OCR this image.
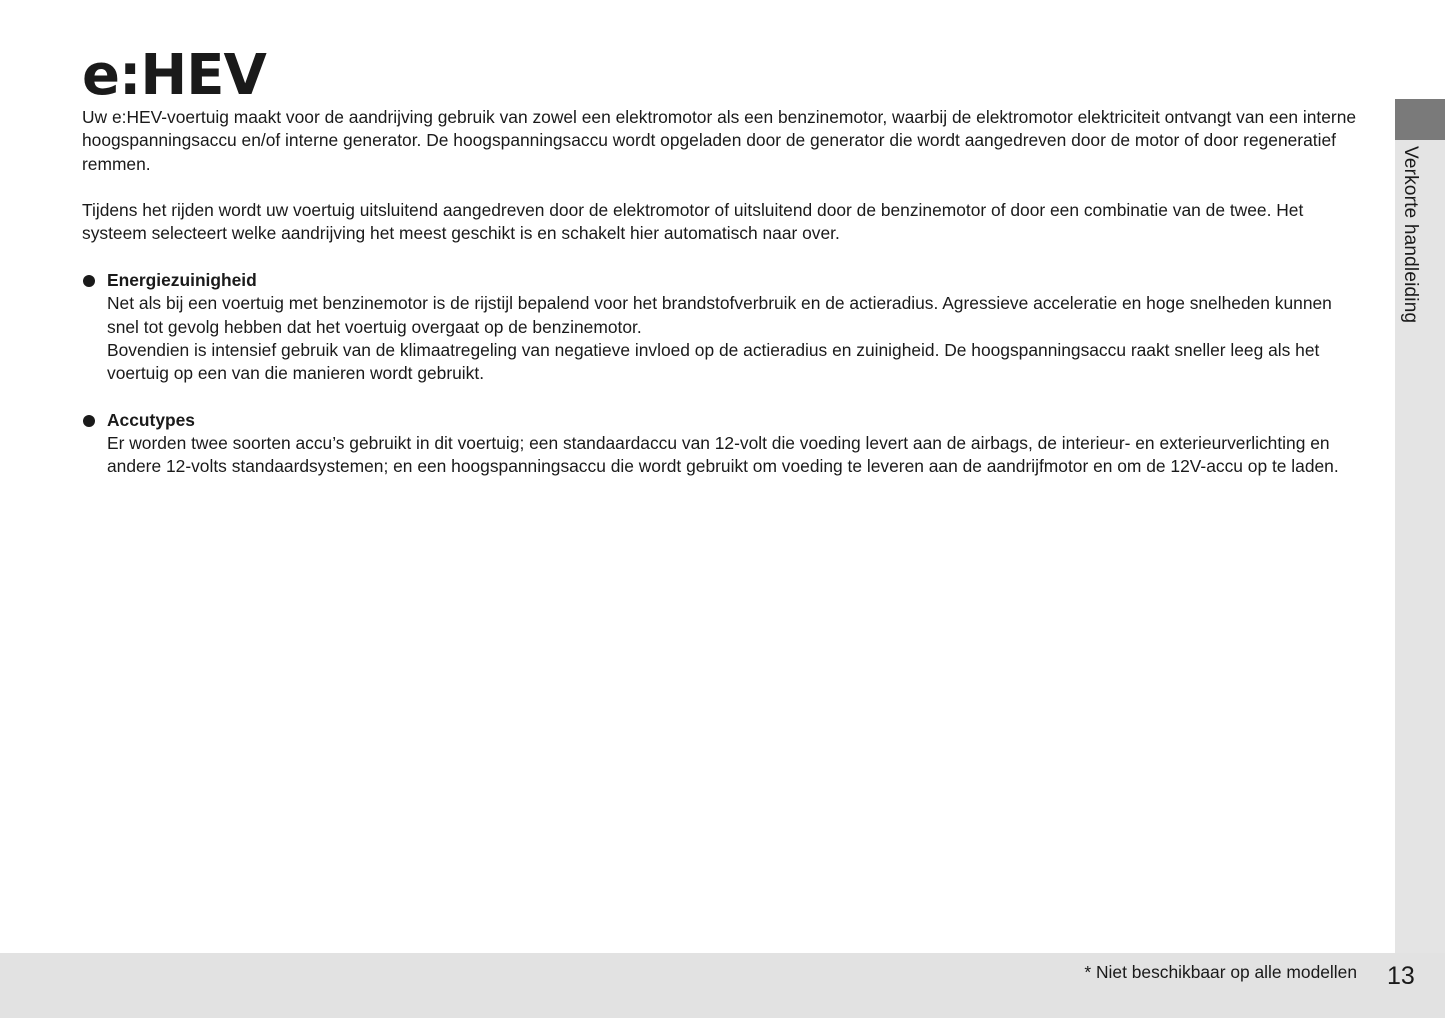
e:HEV

Uw e:HEV-voertuig maakt voor de aandrijving gebruik van zowel een elektromotor als een benzinemotor, waarbij de elektromotor elektriciteit ontvangt van een interne hoogspanningsaccu en/of interne generator. De hoogspanningsaccu wordt opgeladen door de generator die wordt aangedreven door de motor of door regeneratief remmen.

Tijdens het rijden wordt uw voertuig uitsluitend aangedreven door de elektromotor of uitsluitend door de benzinemotor of door een combinatie van de twee. Het systeem selecteert welke aandrijving het meest geschikt is en schakelt hier automatisch naar over.

Energiezuinigheid
Net als bij een voertuig met benzinemotor is de rijstijl bepalend voor het brandstofverbruik en de actieradius. Agressieve acceleratie en hoge snelheden kunnen snel tot gevolg hebben dat het voertuig overgaat op de benzinemotor.
Bovendien is intensief gebruik van de klimaatregeling van negatieve invloed op de actieradius en zuinigheid. De hoogspanningsaccu raakt sneller leeg als het voertuig op een van die manieren wordt gebruikt.
Accutypes
Er worden twee soorten accu’s gebruikt in dit voertuig; een standaardaccu van 12-volt die voeding levert aan de airbags, de interieur- en exterieurverlichting en andere 12-volts standaardsystemen; en een hoogspanningsaccu die wordt gebruikt om voeding te leveren aan de aandrijfmotor en om de 12V-accu op te laden.
Verkorte handleiding
* Niet beschikbaar op alle modellen 13
